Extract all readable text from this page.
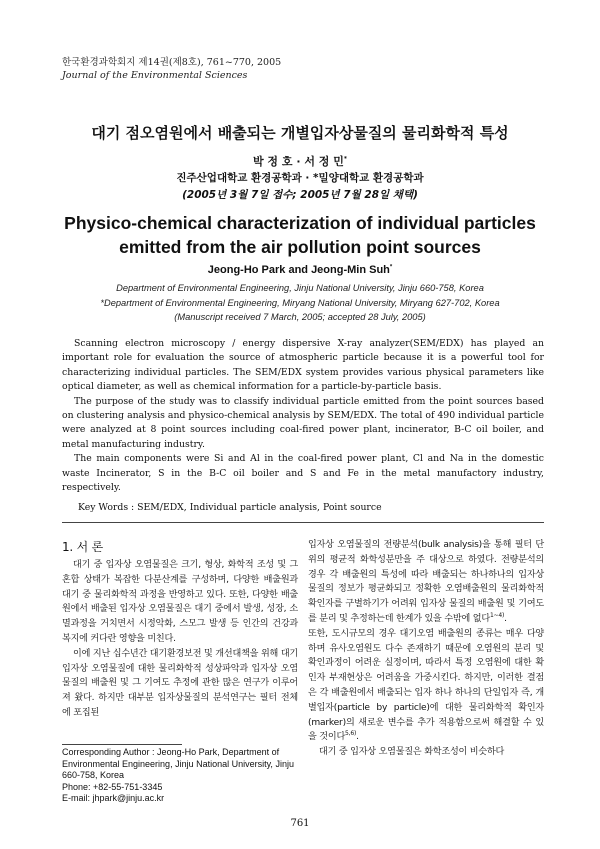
한국환경과학회지 제14권(제8호), 761~770, 2005
Journal of the Environmental Sciences
대기 점오염원에서 배출되는 개별입자상물질의 물리화학적 특성
박 정 호 · 서 정 민*
진주산업대학교 환경공학과 · *밀양대학교 환경공학과
(2005년 3월 7일 접수; 2005년 7월 28일 채택)
Physico-chemical characterization of individual particles
emitted from the air pollution point sources
Jeong-Ho Park and Jeong-Min Suh*
Department of Environmental Engineering, Jinju National University, Jinju 660-758, Korea
*Department of Environmental Engineering, Miryang National University, Miryang 627-702, Korea
(Manuscript received 7 March, 2005; accepted 28 July, 2005)

Scanning electron microscopy / energy dispersive X-ray analyzer(SEM/EDX) has played an important role for evaluation the source of atmospheric particle because it is a powerful tool for characterizing individual particles. The SEM/EDX system provides various physical parameters like optical diameter, as well as chemical information for a particle-by-particle basis.

The purpose of the study was to classify individual particle emitted from the point sources based on clustering analysis and physico-chemical analysis by SEM/EDX. The total of 490 individual particle were analyzed at 8 point sources including coal-fired power plant, incinerator, B-C oil boiler, and metal manufacturing industry.

The main components were Si and Al in the coal-fired power plant, Cl and Na in the domestic waste Incinerator, S in the B-C oil boiler and S and Fe in the metal manufactory industry, respectively.

Key Words : SEM/EDX, Individual particle analysis, Point source

1. 서 론

대기 중 입자상 오염물질은 크기, 형상, 화학적 조성 및 그 혼합 상태가 복잡한 다분산계를 구성하며, 다양한 배출원과 대기 중 물리화학적 과정을 반영하고 있다. 또한, 다양한 배출원에서 배출된 입자상 오염물질은 대기 중에서 발생, 성장, 소멸과정을 거치면서 시정악화, 스모그 발생 등 인간의 건강과 복지에 커다란 영향을 미친다.

이에 지난 십수년간 대기환경보전 및 개선대책을 위해 대기 입자상 오염물질에 대한 물리화학적 성상파악과 입자상 오염물질의 배출원 및 그 기여도 추정에 관한 많은 연구가 이루어져 왔다. 하지만 대부분 입자상물질의 분석연구는 필터 전체에 포집된

Corresponding Author : Jeong-Ho Park, Department of Environmental Engineering, Jinju National University, Jinju 660-758, Korea

Phone: +82-55-751-3345

E-mail: jhpark@jinju.ac.kr

입자상 오염물질의 전량분석(bulk analysis)을 통해 필터 단위의 평균적 화학성분만을 주 대상으로 하였다. 전량분석의 경우 각 배출원의 특성에 따라 배출되는 하나하나의 입자상 물질의 정보가 평균화되고 정확한 오염배출원의 물리화학적 확인자를 구별하기가 어려워 입자상 물질의 배출원 및 기여도를 분리 및 추정하는데 한계가 있을 수밖에 없다$^{1\sim 4)}$.

또한, 도시규모의 경우 대기오염 배출원의 종류는 매우 다양하며 유사오염원도 다수 존재하기 때문에 오염원의 분리 및 확인과정이 어려운 실정이며, 따라서 특정 오염원에 대한 확인자 부재현상은 어려움을 가중시킨다. 하지만, 이러한 결점은 각 배출원에서 배출되는 입자 하나 하나의 단일입자 즉, 개별입자(particle by particle)에 대한 물리화학적 확인자(marker)의 새로운 변수를 추가 적용함으로써 해결할 수 있을 것이다$^{5,6)}$.

대기 중 입자상 오염물질은 화학조성이 비슷하다

761
